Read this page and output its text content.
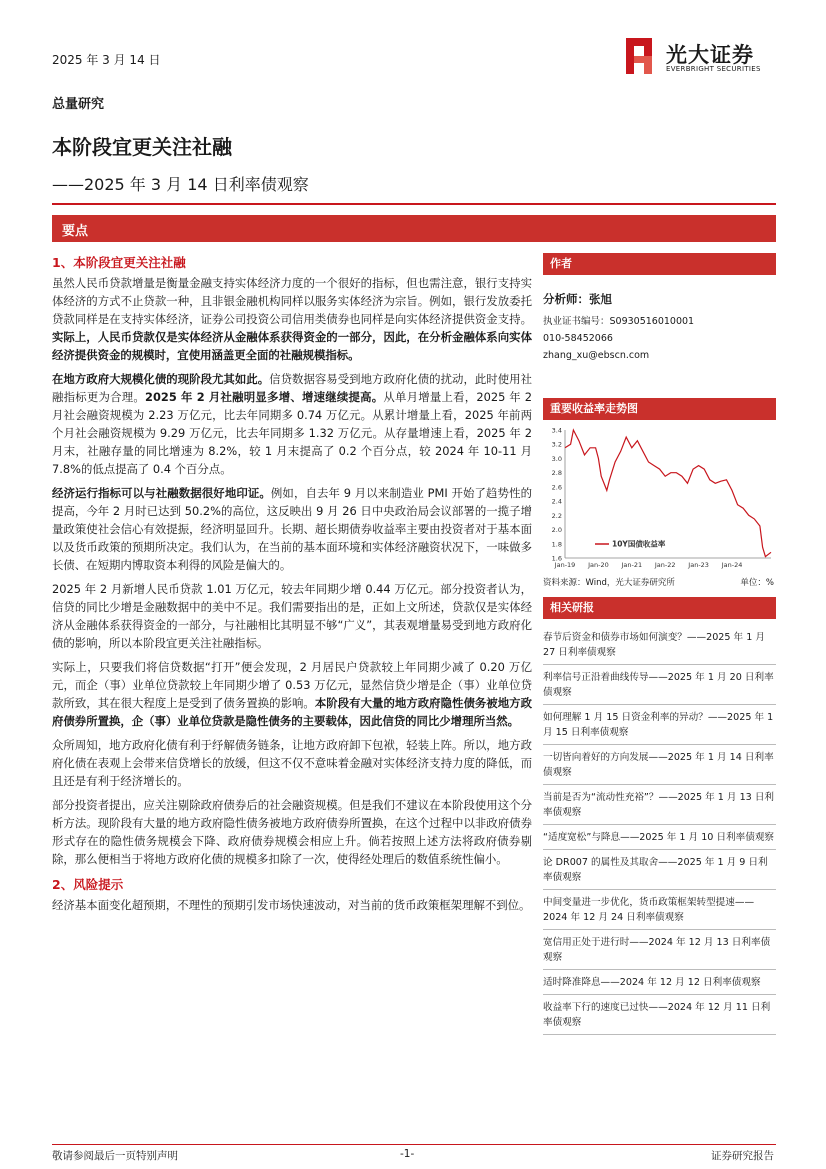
2025 年 3 月 14 日	光大证券
EVERBRIGHT SECURITIES
总量研究
本阶段宜更关注社融
——2025 年 3 月 14 日利率债观察
要点
1、本阶段宜更关注社融

虽然人民币贷款增量是衡量金融支持实体经济力度的一个很好的指标，但也需注意，银行支持实体经济的方式不止贷款一种，且非银金融机构同样以服务实体经济为宗旨。例如，银行发放委托贷款同样是在支持实体经济，证券公司投资公司信用类债券也同样是向实体经济提供资金支持。实际上，人民币贷款仅是实体经济从金融体系获得资金的一部分，因此，在分析金融体系向实体经济提供资金的规模时，宜使用涵盖更全面的社融规模指标。

在地方政府大规模化债的现阶段尤其如此。信贷数据容易受到地方政府化债的扰动，此时使用社融指标更为合理。2025 年 2 月社融明显多增、增速继续提高。从单月增量上看，2025 年 2 月社会融资规模为 2.23 万亿元，比去年同期多 0.74 万亿元。从累计增量上看，2025 年前两个月社会融资规模为 9.29 万亿元，比去年同期多 1.32 万亿元。从存量增速上看，2025 年 2 月末，社融存量的同比增速为 8.2%，较 1 月末提高了 0.2 个百分点，较 2024 年 10-11 月 7.8%的低点提高了 0.4 个百分点。

经济运行指标可以与社融数据很好地印证。例如，自去年 9 月以来制造业 PMI 开始了趋势性的提高，今年 2 月时已达到 50.2%的高位，这反映出 9 月 26 日中央政治局会议部署的一揽子增量政策使社会信心有效提振，经济明显回升。长期、超长期债券收益率主要由投资者对于基本面以及货币政策的预期所决定。我们认为，在当前的基本面环境和实体经济融资状况下，一味做多长债、在短期内博取资本利得的风险是偏大的。

2025 年 2 月新增人民币贷款 1.01 万亿元，较去年同期少增 0.44 万亿元。部分投资者认为，信贷的同比少增是金融数据中的美中不足。我们需要指出的是，正如上文所述，贷款仅是实体经济从金融体系获得资金的一部分，与社融相比其明显不够“广义”，其表观增量易受到地方政府化债的影响，所以本阶段宜更关注社融指标。

实际上，只要我们将信贷数据“打开”便会发现，2 月居民户贷款较上年同期少减了 0.20 万亿元，而企（事）业单位贷款较上年同期少增了 0.53 万亿元，显然信贷少增是企（事）业单位贷款所致，其在很大程度上是受到了债务置换的影响。本阶段有大量的地方政府隐性债务被地方政府债券所置换，企（事）业单位贷款是隐性债务的主要载体，因此信贷的同比少增理所当然。

众所周知，地方政府化债有利于纾解债务链条，让地方政府卸下包袱，轻装上阵。所以，地方政府化债在表观上会带来信贷增长的放缓，但这不仅不意味着金融对实体经济支持力度的降低，而且还是有利于经济增长的。

部分投资者提出，应关注剔除政府债券后的社会融资规模。但是我们不建议在本阶段使用这个分析方法。现阶段有大量的地方政府隐性债务被地方政府债券所置换，在这个过程中以非政府债券形式存在的隐性债务规模会下降、政府债券规模会相应上升。倘若按照上述方法将政府债券剔除，那么便相当于将地方政府化债的规模多扣除了一次，使得经处理后的数值系统性偏小。

2、风险提示

经济基本面变化超预期，不理性的预期引发市场快速波动，对当前的货币政策框架理解不到位。

作者
分析师：张旭
执业证书编号：S0930516010001
010-58452066
zhang_xu@ebscn.com
重要收益率走势图
1.6
1.8
2.0
2.2
2.4
2.6
2.8
3.0
3.2
3.4
Jan-19 Jan-20 Jan-21 Jan-22 Jan-23 Jan-24
10Y国债收益率
资料来源：Wind，光大证券研究所	单位：%
相关研报
春节后资金和债券市场如何演变？——2025 年 1 月 27 日利率债观察
利率信号正沿着曲线传导——2025 年 1 月 20 日利率债观察
如何理解 1 月 15 日资金利率的异动？——2025 年 1 月 15 日利率债观察
一切皆向着好的方向发展——2025 年 1 月 14 日利率债观察
当前是否为“流动性充裕”？——2025 年 1 月 13 日利率债观察
“适度宽松”与降息——2025 年 1 月 10 日利率债观察
论 DR007 的属性及其取舍——2025 年 1 月 9 日利率债观察
中间变量进一步优化，货币政策框架转型提速——2024 年 12 月 24 日利率债观察
宽信用正处于进行时——2024 年 12 月 13 日利率债观察
适时降准降息——2024 年 12 月 12 日利率债观察
收益率下行的速度已过快——2024 年 12 月 11 日利率债观察
敬请参阅最后一页特别声明	-1-	证券研究报告
